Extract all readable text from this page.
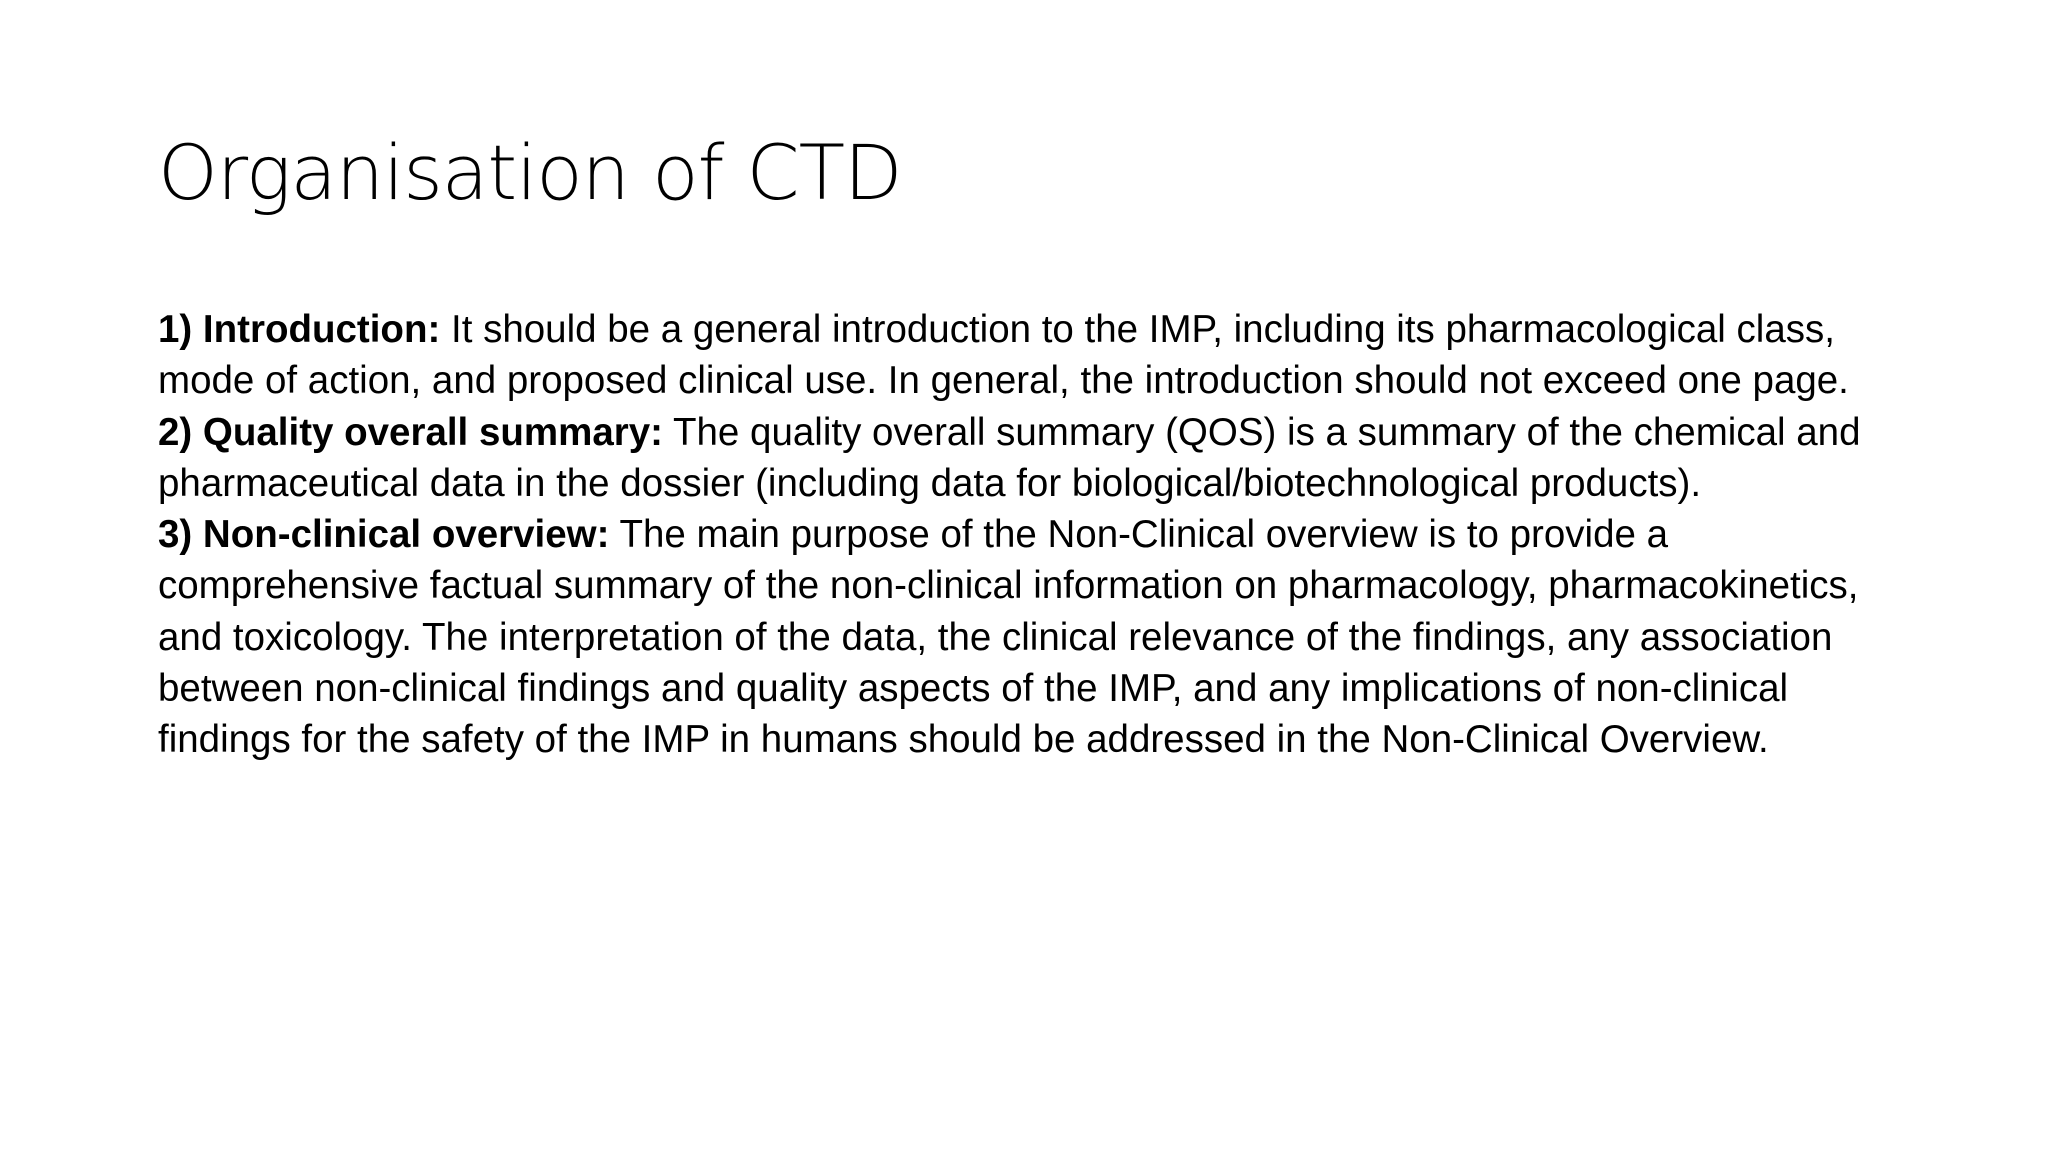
Organisation of CTD

1) Introduction: It should be a general introduction to the IMP, including its pharmacological class, mode of action, and proposed clinical use. In general, the introduction should not exceed one page.

2) Quality overall summary: The quality overall summary (QOS) is a summary of the chemical and pharmaceutical data in the dossier (including data for biological/biotechnological products).

3) Non-clinical overview: The main purpose of the Non-Clinical overview is to provide a comprehensive factual summary of the non-clinical information on pharmacology, pharmacokinetics, and toxicology. The interpretation of the data, the clinical relevance of the findings, any association between non-clinical findings and quality aspects of the IMP, and any implications of non-clinical findings for the safety of the IMP in humans should be addressed in the Non-Clinical Overview.
